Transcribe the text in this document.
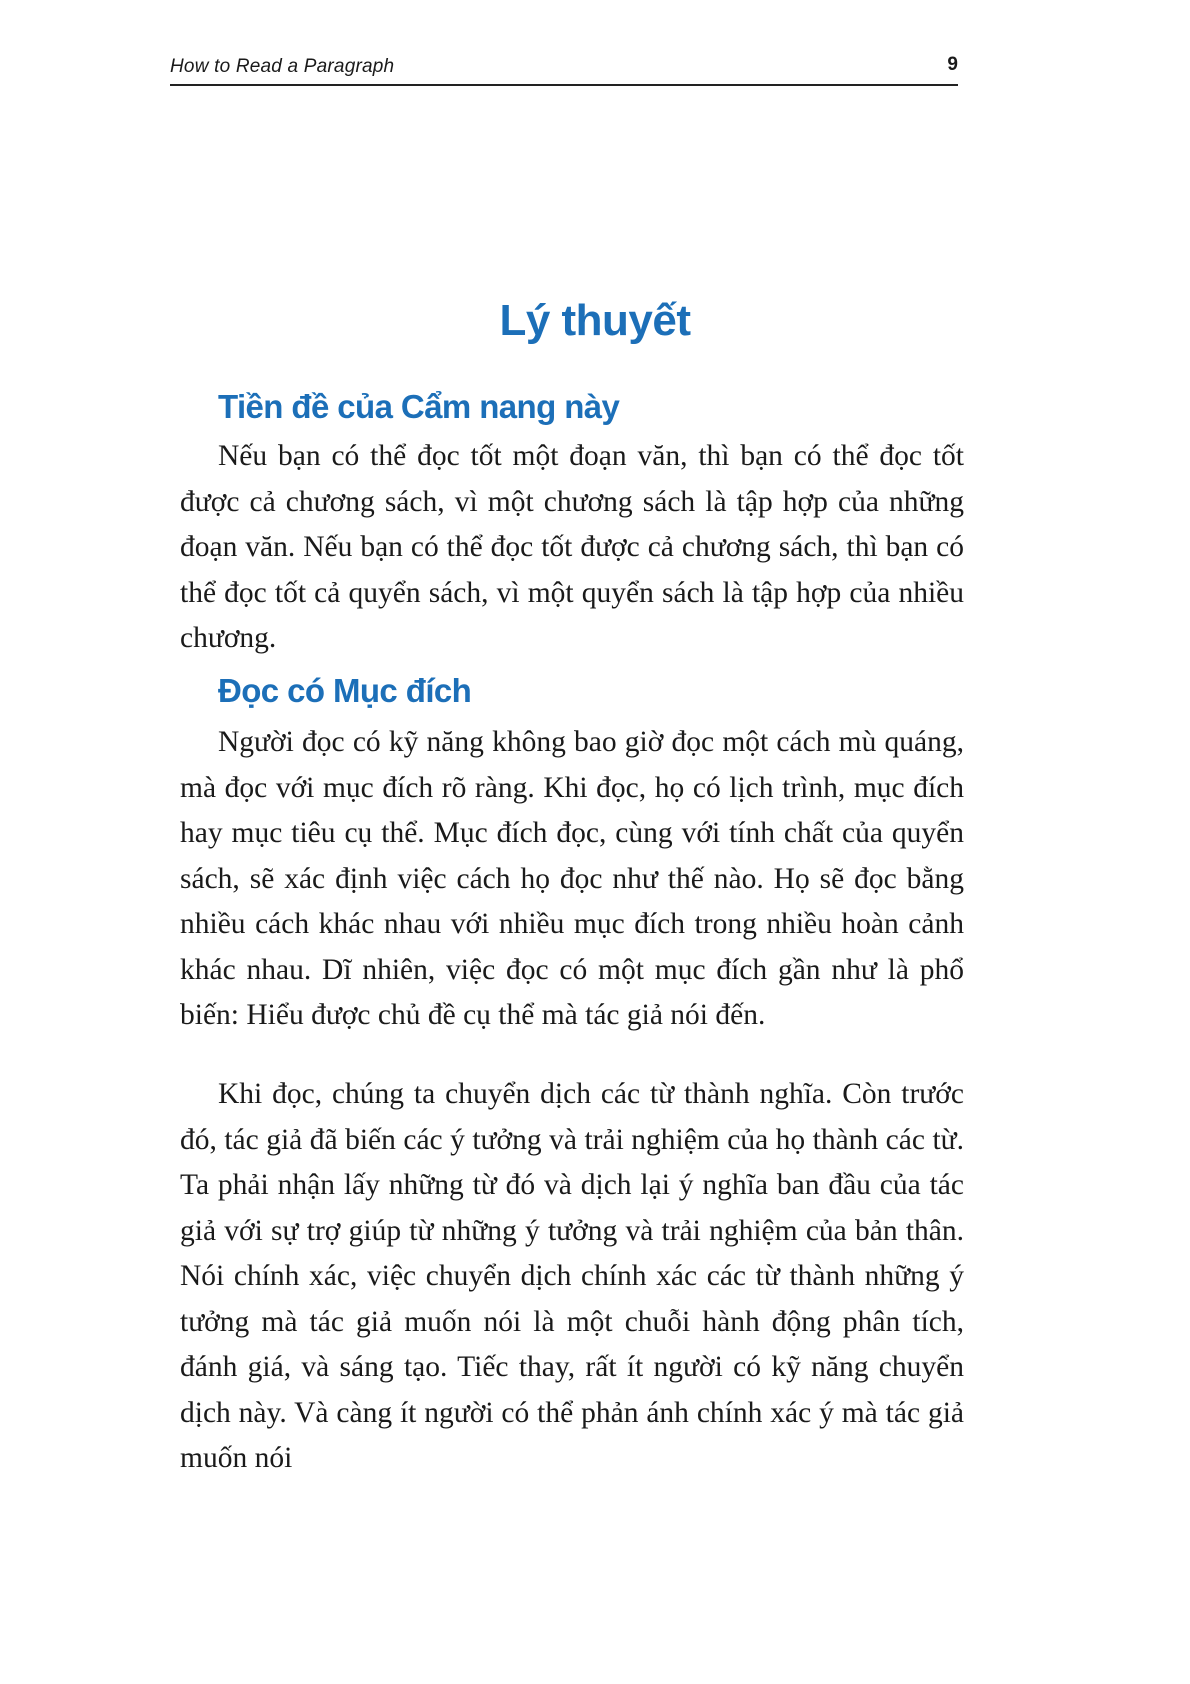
How to Read a Paragraph	9
Lý thuyết
Tiền đề của Cẩm nang này

Nếu bạn có thể đọc tốt một đoạn văn, thì bạn có thể đọc tốt được cả chương sách, vì một chương sách là tập hợp của những đoạn văn. Nếu bạn có thể đọc tốt được cả chương sách, thì bạn có thể đọc tốt cả quyển sách, vì một quyển sách là tập hợp của nhiều chương.

Đọc có Mục đích

Người đọc có kỹ năng không bao giờ đọc một cách mù quáng, mà đọc với mục đích rõ ràng. Khi đọc, họ có lịch trình, mục đích hay mục tiêu cụ thể. Mục đích đọc, cùng với tính chất của quyển sách, sẽ xác định việc cách họ đọc như thế nào. Họ sẽ đọc bằng nhiều cách khác nhau với nhiều mục đích trong nhiều hoàn cảnh khác nhau. Dĩ nhiên, việc đọc có một mục đích gần như là phổ biến: Hiểu được chủ đề cụ thể mà tác giả nói đến.

Khi đọc, chúng ta chuyển dịch các từ thành nghĩa. Còn trước đó, tác giả đã biến các ý tưởng và trải nghiệm của họ thành các từ. Ta phải nhận lấy những từ đó và dịch lại ý nghĩa ban đầu của tác giả với sự trợ giúp từ những ý tưởng và trải nghiệm của bản thân. Nói chính xác, việc chuyển dịch chính xác các từ thành những ý tưởng mà tác giả muốn nói là một chuỗi hành động phân tích, đánh giá, và sáng tạo. Tiếc thay, rất ít người có kỹ năng chuyển dịch này. Và càng ít người có thể phản ánh chính xác ý mà tác giả muốn nói
